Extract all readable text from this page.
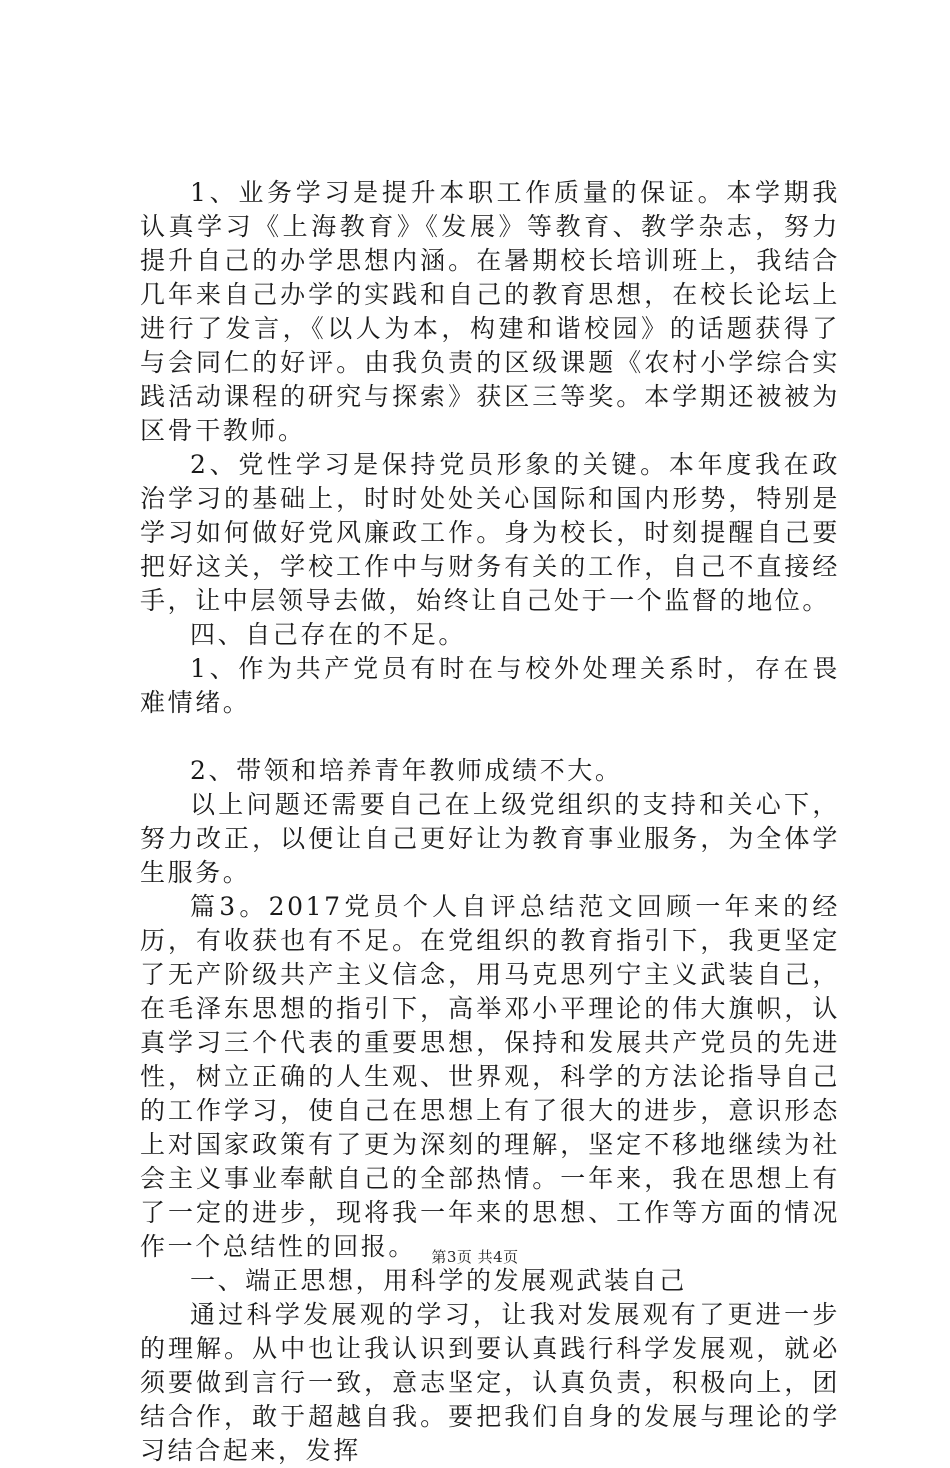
1、业务学习是提升本职工作质量的保证。本学期我认真学习《上海教育》《发展》等教育、教学杂志，努力提升自己的办学思想内涵。在暑期校长培训班上，我结合几年来自己办学的实践和自己的教育思想，在校长论坛上进行了发言，《以人为本，构建和谐校园》的话题获得了与会同仁的好评。由我负责的区级课题《农村小学综合实践活动课程的研究与探索》获区三等奖。本学期还被被为区骨干教师。

2、党性学习是保持党员形象的关键。本年度我在政治学习的基础上，时时处处关心国际和国内形势，特别是学习如何做好党风廉政工作。身为校长，时刻提醒自己要把好这关，学校工作中与财务有关的工作，自己不直接经手，让中层领导去做，始终让自己处于一个监督的地位。

四、自己存在的不足。

1、作为共产党员有时在与校外处理关系时，存在畏难情绪。

2、带领和培养青年教师成绩不大。

以上问题还需要自己在上级党组织的支持和关心下，努力改正，以便让自己更好让为教育事业服务，为全体学生服务。

篇3。2017党员个人自评总结范文回顾一年来的经历，有收获也有不足。在党组织的教育指引下，我更坚定了无产阶级共产主义信念，用马克思列宁主义武装自己，在毛泽东思想的指引下，高举邓小平理论的伟大旗帜，认真学习三个代表的重要思想，保持和发展共产党员的先进性，树立正确的人生观、世界观，科学的方法论指导自己的工作学习，使自己在思想上有了很大的进步，意识形态上对国家政策有了更为深刻的理解，坚定不移地继续为社会主义事业奉献自己的全部热情。一年来，我在思想上有了一定的进步，现将我一年来的思想、工作等方面的情况作一个总结性的回报。

一、端正思想，用科学的发展观武装自己

通过科学发展观的学习，让我对发展观有了更进一步的理解。从中也让我认识到要认真践行科学发展观，就必须要做到言行一致，意志坚定，认真负责，积极向上，团结合作，敢于超越自我。要把我们自身的发展与理论的学习结合起来，发挥

第3页 共4页
